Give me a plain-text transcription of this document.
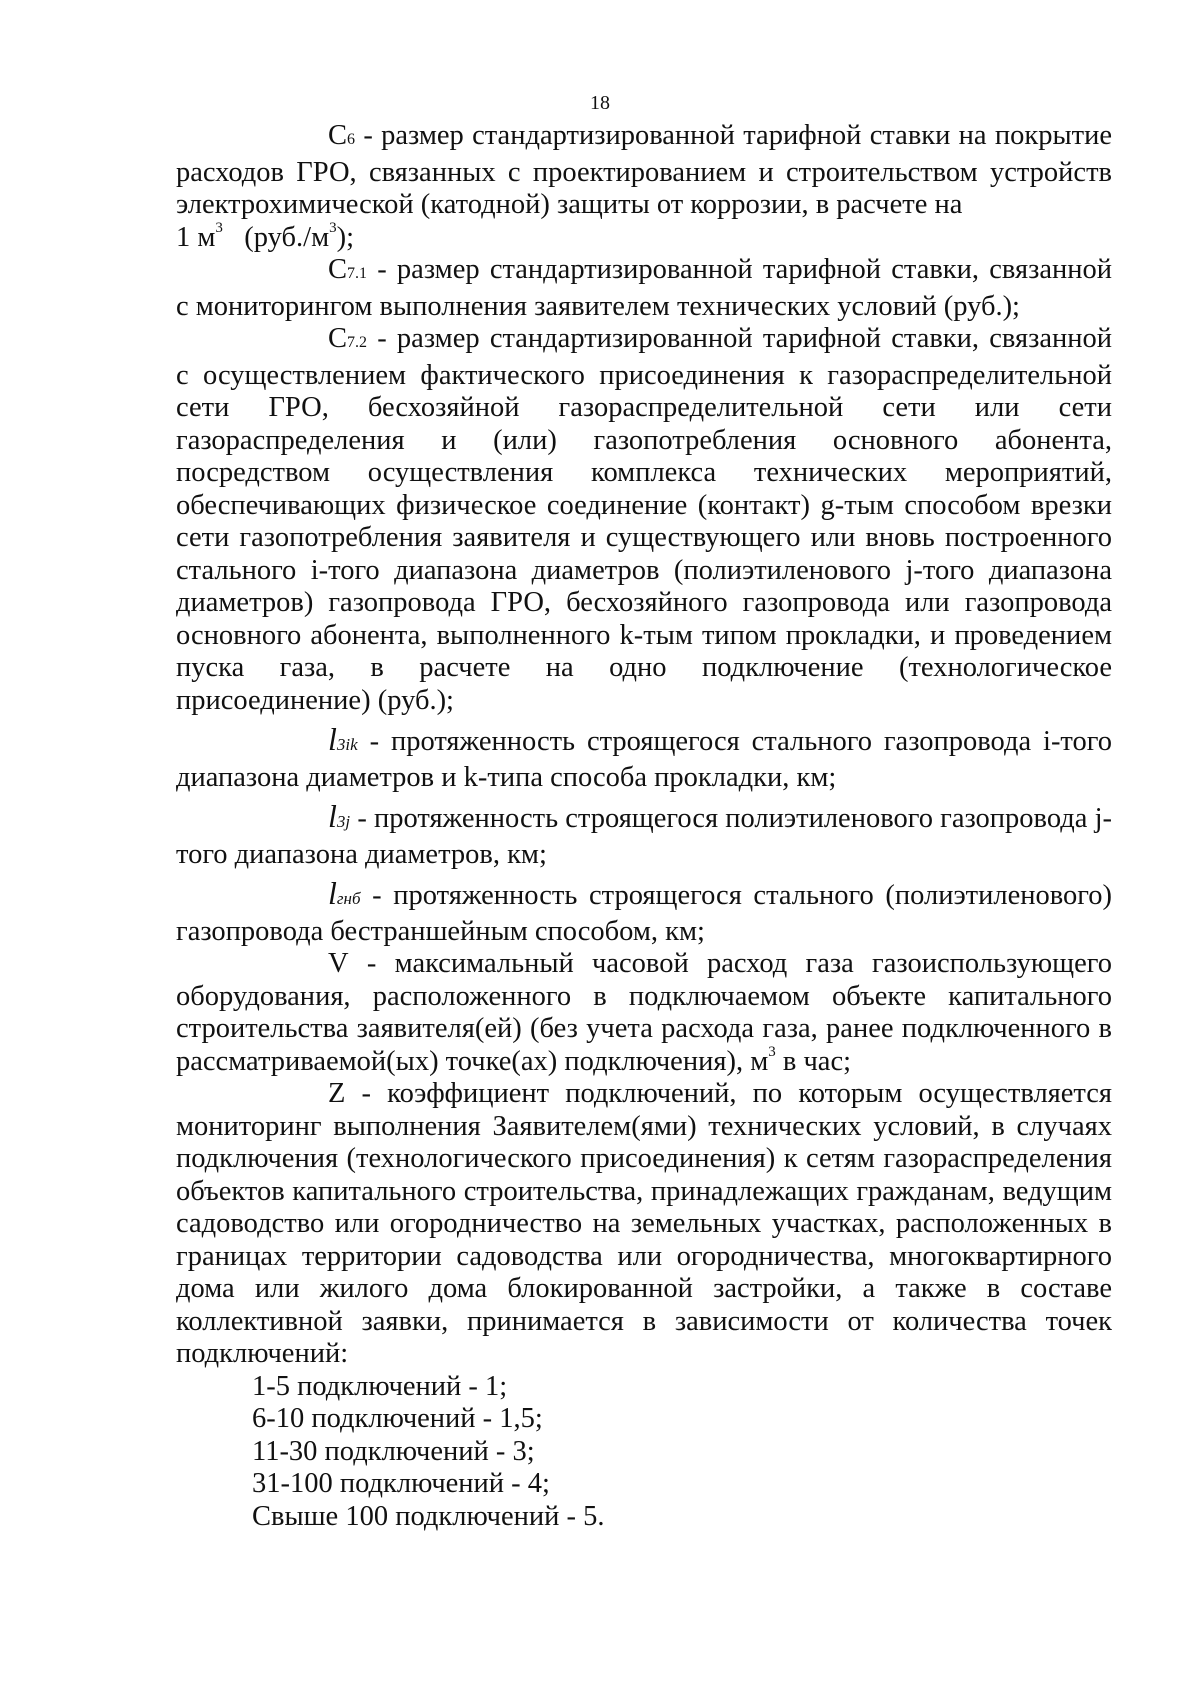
18

C6 - размер стандартизированной тарифной ставки на покрытие расходов ГРО, связанных с проектированием и строительством устройств электрохимической (катодной) защиты от коррозии, в расчете на

1 $м^3$ $(руб./м^3)$;

C7.1 - размер стандартизированной тарифной ставки, связанной с мониторингом выполнения заявителем технических условий (руб.);

C7.2 - размер стандартизированной тарифной ставки, связанной с осуществлением фактического присоединения к газораспределительной сети ГРО, бесхозяйной газораспределительной сети или сети газораспределения и (или) газопотребления основного абонента, посредством осуществления комплекса технических мероприятий, обеспечивающих физическое соединение (контакт) g-тым способом врезки сети газопотребления заявителя и существующего или вновь построенного стального i-того диапазона диаметров (полиэтиленового j-того диапазона диаметров) газопровода ГРО, бесхозяйного газопровода или газопровода основного абонента, выполненного k-тым типом прокладки, и проведением пуска газа, в расчете на одно подключение (технологическое присоединение) (руб.);

l3ik - протяженность строящегося стального газопровода i-того диапазона диаметров и k-типа способа прокладки, км;

l3j - протяженность строящегося полиэтиленового газопровода j-того диапазона диаметров, км;

lгнб - протяженность строящегося стального (полиэтиленового) газопровода бестраншейным способом, км;

V - максимальный часовой расход газа газоиспользующего оборудования, расположенного в подключаемом объекте капитального строительства заявителя(ей) (без учета расхода газа, ранее подключенного в рассматриваемой(ых) точке(ах) подключения), $м^3$ в час;

Z - коэффициент подключений, по которым осуществляется мониторинг выполнения Заявителем(ями) технических условий, в случаях подключения (технологического присоединения) к сетям газораспределения объектов капитального строительства, принадлежащих гражданам, ведущим садоводство или огородничество на земельных участках, расположенных в границах территории садоводства или огородничества, многоквартирного дома или жилого дома блокированной застройки, а также в составе коллективной заявки, принимается в зависимости от количества точек подключений:

1-5 подключений - 1;
6-10 подключений - 1,5;
11-30 подключений - 3;
31-100 подключений - 4;
Свыше 100 подключений - 5.
